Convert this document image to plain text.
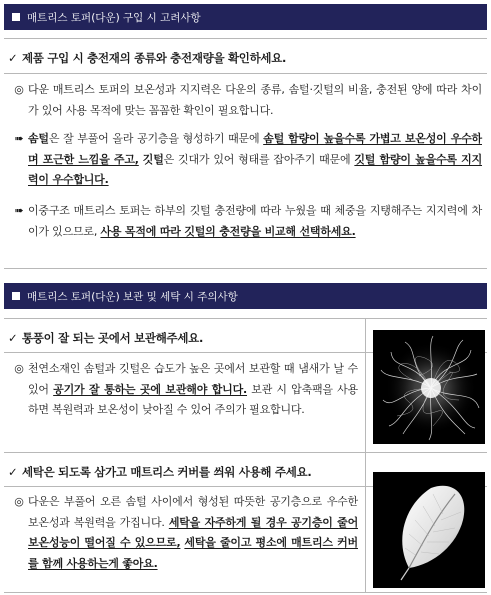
매트리스 토퍼(다운) 구입 시 고려사항
✓ 제품 구입 시 충전재의 종류와 충전재량을 확인하세요.
◎ 다운 매트리스 토퍼의 보온성과 지지력은 다운의 종류, 솜털·깃털의 비율, 충전된 양에 따라 차이가 있어 사용 목적에 맞는 꼼꼼한 확인이 필요합니다.
➠ 솜털은 잘 부풀어 올라 공기층을 형성하기 때문에 솜털 함량이 높을수록 가볍고 보온성이 우수하며 포근한 느낌을 주고, 깃털은 깃대가 있어 형태를 잡아주기 때문에 깃털 함량이 높을수록 지지력이 우수합니다.
➠ 이중구조 매트리스 토퍼는 하부의 깃털 충전량에 따라 누웠을 때 체중을 지탱해주는 지지력에 차이가 있으므로, 사용 목적에 따라 깃털의 충전량을 비교해 선택하세요.
매트리스 토퍼(다운) 보관 및 세탁 시 주의사항
✓ 통풍이 잘 되는 곳에서 보관해주세요.
◎ 천연소재인 솜털과 깃털은 습도가 높은 곳에서 보관할 때 냄새가 날 수 있어 공기가 잘 통하는 곳에 보관해야 합니다. 보관 시 압축팩을 사용하면 복원력과 보온성이 낮아질 수 있어 주의가 필요합니다.
✓ 세탁은 되도록 삼가고 매트리스 커버를 씌워 사용해 주세요.
◎ 다운은 부풀어 오른 솜털 사이에서 형성된 따뜻한 공기층으로 우수한 보온성과 복원력을 가집니다. 세탁을 자주하게 될 경우 공기층이 줄어 보온성능이 떨어질 수 있으므로, 세탁을 줄이고 평소에 매트리스 커버를 함께 사용하는게 좋아요.
